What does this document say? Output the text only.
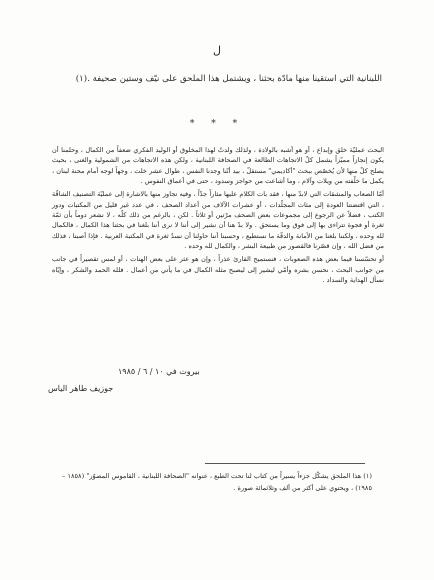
ل
اللبنانية التي استقينا منها مادّة بحثنا ، ويشتمل هذا الملحق على نيّف وستين صحيفة .(١)
* * *

البحث عمليّة خلق وإبداع ، أو هو أشبه بالولادة ، ولذلك ولدتُ لهذا المخلوق أو الوليد الفكري ضعفاً من الكمال ، وحلمنا أن يكون إنجازاً مميّزاً يشمل كلّ الاتجاهات الطالعة في الصحافة اللبنانية ، ولكن هذه الاتجاهات من الشمولية والغنى ، بحيث يصلح كلّ منها لأن يُخصّص ببحث "أكاديمي" مستقلّ ، بيد أنّنا وجدنا النفس ، طوال عشر خلت ، وجهاً لوجه أمام محنة لبنان ، يكمل ما خلّفته من ويلات وآلام ، وما أشاعت من حواجز وسدود ، حتى في أعماق النفوس .

أمّا الصعاب والمشقات التي لابدّ منها ، فقد بات الكلام عليها مثاراً جدّاً ، وفيه تجاوز منها بالاشارة إلى عمليّة التصنيف الشاقّة ، التي اقتضتنا العودة إلى مئات المجلّدات ، أو عشرات الآلاف من أعداد الصحف ، في عدد غير قليل من المكتبات ودور الكتب ، فضلاً عن الرجوع إلى مجموعات بعض الصحف مرّتين أو ثلاثاً . لكن ، بالرغم من ذلك كلّه ، لا نشعر دوماً بأن ثمّة ثغرة أو فجوة تتراءى بها إلى فوق وما يستحق . ولا بدّ هنا أن نشير إلى أننا لا نرى أننا بلغنا في بحثنا هذا الكمال ، فالكمال لله وحده ، ولكننا بلغنا من الأمانة والدقّة ما نستطيع ، وحسبنا أننا حاولنا أن نسدّ ثغرة في المكتبة العربية . فإذا أصبنا ، فذلك من فضل الله ، وإن قصّرنا فالقصور من طبيعة البشر ، والكمال لله وحده .

أو تحسّسنا فيما بعض هذه الصعوبات ، فنستميح القارئ عذراً ، وإن هو عثر على بعض الهنات ، أو لمس تقصيراً في جانب من جوانب البحث ، نحسن بشره وأمّي ليشير إلى ليصبح مثله الكمال في ما يأتي من أعمال . فلله الحمد والشكر ، وإيّاه نسأل الهداية والسداد .

بيروت في ١٠ / ٦ / ١٩٨٥
جوزيف طاهر الياس
(١) هذا الملحق يشكّل جزءاً يسيراً من كتاب لنا تحت الطبع ، عنوانه "الصحافة اللبنانية ، القاموس المصوّر" (١٨٥٨ – ١٩٨٥) ، ويحتوي على أكثر من ألف وثلاثمائة صورة .
